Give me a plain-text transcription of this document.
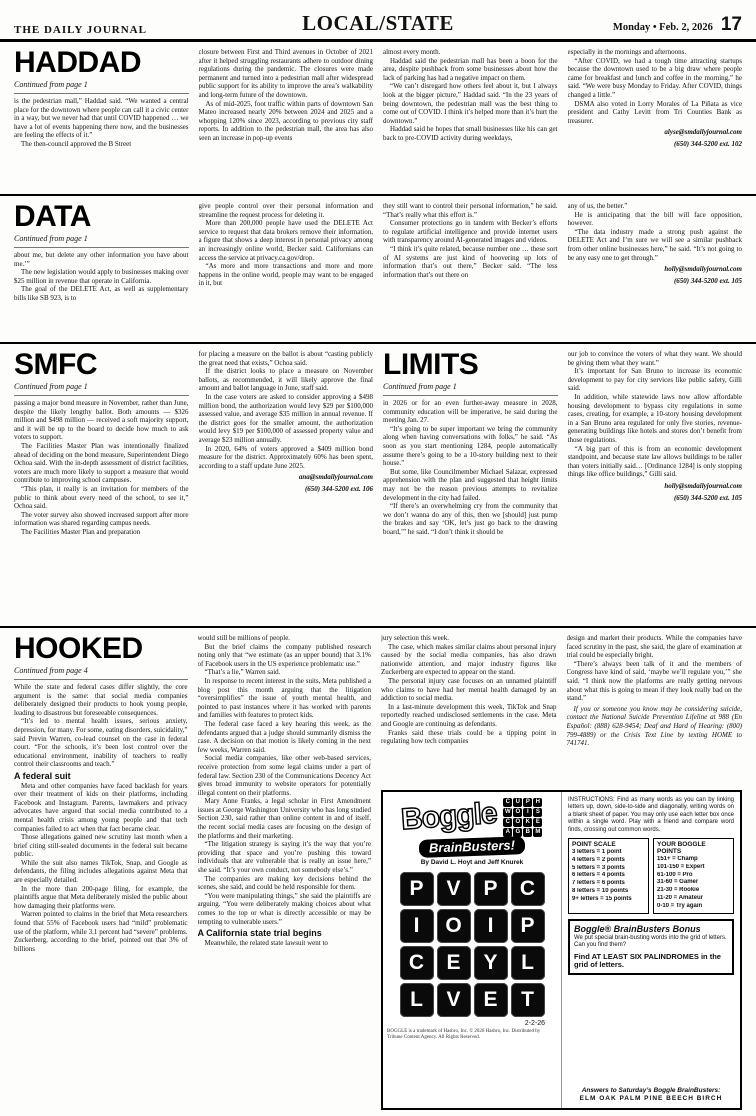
THE DAILY JOURNAL	LOCAL/STATE	Monday • Feb. 2, 2026 17
HADDAD
Continued from page 1

is the pedestrian mall,” Haddad said. “We wanted a central place for the downtown where people can call it a civic center in a way, but we never had that until COVID happened … we have a lot of events happening there now, and the businesses are feeling the effects of it.”

The then-council approved the B Street

closure between First and Third avenues in October of 2021 after it helped struggling restaurants adhere to outdoor dining regulations during the pandemic. The closures were made permanent and turned into a pedestrian mall after widespread public support for its ability to improve the area’s walkability and long-term future of the downtown.

As of mid-2025, foot traffic within parts of downtown San Mateo increased nearly 20% between 2024 and 2025 and a whopping 120% since 2023, according to previous city staff reports. In addition to the pedestrian mall, the area has also seen an increase in pop-up events

almost every month.

Haddad said the pedestrian mall has been a boon for the area, despite pushback from some businesses about how the lack of parking has had a negative impact on them.

“We can’t disregard how others feel about it, but I always look at the bigger picture,” Haddad said. “In the 23 years of being downtown, the pedestrian mall was the best thing to come out of COVID. I think it’s helped more than it’s hurt the downtown.”

Haddad said he hopes that small businesses like his can get back to pre-COVID activity during weekdays,

especially in the mornings and afternoons.

“After COVID, we had a tough time attracting startups because the downtown used to be a big draw where people came for breakfast and lunch and coffee in the morning,” he said. “We were busy Monday to Friday. After COVID, things changed a little.”

DSMA also voted in Lorry Morales of La Piñata as vice president and Cathy Levitt from Tri Counties Bank as treasurer.

alyse@smdailyjournal.com

(650) 344-5200 ext. 102

DATA
Continued from page 1

about me, but delete any other information you have about me.’”

The new legislation would apply to businesses making over $25 million in revenue that operate in California.

The goal of the DELETE Act, as well as supplementary bills like SB 923, is to

give people control over their personal information and streamline the request process for deleting it.

More than 200,000 people have used the DELETE Act service to request that data brokers remove their information, a figure that shows a deep interest in personal privacy among an increasingly online world, Becker said. Californians can access the service at privacy.ca.gov/drop.

“As more and more transactions and more and more happens in the online world, people may want to be engaged in it, but

they still want to control their personal information,” he said. “That’s really what this effort is.”

Consumer protections go in tandem with Becker’s efforts to regulate artificial intelligence and provide internet users with transparency around AI-generated images and videos.

“I think it’s quite related, because number one … these sort of AI systems are just kind of hoovering up lots of information that’s out there,” Becker said. “The less information that’s out there on

any of us, the better.”

He is anticipating that the bill will face opposition, however.

“The data industry made a strong push against the DELETE Act and I’m sure we will see a similar pushback from other online businesses here,” he said. “It’s not going to be any easy one to get through.”

holly@smdailyjournal.com

(650) 344-5200 ext. 105

SMFC
Continued from page 1

passing a major bond measure in November, rather than June, despite the likely lengthy ballot. Both amounts — $326 million and $498 million — received a soft majority support, and it will be up to the board to decide how much to ask voters to support.

The Facilities Master Plan was intentionally finalized ahead of deciding on the bond measure, Superintendent Diego Ochoa said. With the in-depth assessment of district facilities, voters are much more likely to support a measure that would contribute to improving school campuses.

“This plan, it really is an invitation for members of the public to think about every need of the school, to see it,” Ochoa said.

The voter survey also showed increased support after more information was shared regarding campus needs.

The Facilities Master Plan and preparation

for placing a measure on the ballot is about “casting publicly the great need that exists,” Ochoa said.

If the district looks to place a measure on November ballots, as recommended, it will likely approve the final amount and ballot language in June, staff said.

In the case voters are asked to consider approving a $498 million bond, the authorization would levy $29 per $100,000 assessed value, and average $35 million in annual revenue. If the district goes for the smaller amount, the authorization would levy $19 per $100,000 of assessed property value and average $23 million annually.

In 2020, 64% of voters approved a $409 million bond measure for the district. Approximately 60% has been spent, according to a staff update June 2025.

ana@smdailyjournal.com

(650) 344-5200 ext. 106

LIMITS
Continued from page 1

in 2026 or for an even further-away measure in 2028, community education will be imperative, he said during the meeting Jan. 27.

“It’s going to be super important we bring the community along when having conversations with folks,” he said. “As soon as you start mentioning 1284, people automatically assume there’s going to be a 10-story building next to their house.”

But some, like Councilmember Michael Salazar, expressed apprehension with the plan and suggested that height limits may not be the reason previous attempts to revitalize development in the city had failed.

“If there’s an overwhelming cry from the community that we don’t wanna do any of this, then we [should] just pump the brakes and say ‘OK, let’s just go back to the drawing board,’” he said. “I don’t think it should be

our job to convince the voters of what they want. We should be giving them what they want.”

It’s important for San Bruno to increase its economic development to pay for city services like public safety, Gilli said.

In addition, while statewide laws now allow affordable housing development to bypass city regulations in some cases, creating, for example, a 10-story housing development in a San Bruno area regulated for only five stories, revenue-generating buildings like hotels and stores don’t benefit from those regulations.

“A big part of this is from an economic development standpoint, and because state law allows buildings to be taller than voters initially said… [Ordinance 1284] is only stopping things like office buildings,” Gilli said.

holly@smdailyjournal.com

(650) 344-5200 ext. 105

HOOKED
Continued from page 4

While the state and federal cases differ slightly, the core argument is the same: that social media companies deliberately designed their products to hook young people, leading to disastrous but foreseeable consequences.

“It’s led to mental health issues, serious anxiety, depression, for many. For some, eating disorders, suicidality,” said Previn Warren, co-lead counsel on the case in federal court. “For the schools, it’s been lost control over the educational environment, inability of teachers to really control their classrooms and teach.”

A federal suit

Meta and other companies have faced backlash for years over their treatment of kids on their platforms, including Facebook and Instagram. Parents, lawmakers and privacy advocates have argued that social media contributed to a mental health crisis among young people and that tech companies failed to act when that fact became clear.

Those allegations gained new scrutiny last month when a brief citing still-sealed documents in the federal suit became public.

While the suit also names TikTok, Snap, and Google as defendants, the filing includes allegations against Meta that are especially detailed.

In the more than 200-page filing, for example, the plaintiffs argue that Meta deliberately misled the public about how damaging their platforms were.

Warren pointed to claims in the brief that Meta researchers found that 55% of Facebook users had “mild” problematic use of the platform, while 3.1 percent had “severe” problems. Zuckerberg, according to the brief, pointed out that 3% of billions

would still be millions of people.

But the brief claims the company published research noting only that “we estimate (as an upper bound) that 3.1% of Facebook users in the US experience problematic use.”

“That’s a lie,” Warren said.

In response to recent interest in the suits, Meta published a blog post this month arguing that the litigation “oversimplifies” the issue of youth mental health, and pointed to past instances where it has worked with parents and families with features to protect kids.

The federal case faced a key hearing this week, as the defendants argued that a judge should summarily dismiss the case. A decision on that motion is likely coming in the next few weeks, Warren said.

Social media companies, like other web-based services, receive protection from some legal claims under a part of federal law. Section 230 of the Communications Decency Act gives broad immunity to website operators for potentially illegal content on their platforms.

Mary Anne Franks, a legal scholar in First Amendment issues at George Washington University who has long studied Section 230, said rather than online content in and of itself, the recent social media cases are focusing on the design of the platforms and their marketing.

“The litigation strategy is saying it’s the way that you’re providing that space and you’re pushing this toward individuals that are vulnerable that is really an issue here,” she said. “It’s your own conduct, not somebody else’s.”

The companies are making key decisions behind the scenes, she said, and could be held responsible for them.

“You were manipulating things,” she said the plaintiffs are arguing. “You were deliberately making choices about what comes to the top or what is directly accessible or may be tempting to vulnerable users.”

A California state trial begins

Meanwhile, the related state lawsuit went to

jury selection this week.

The case, which makes similar claims about personal injury caused by the social media companies, has also drawn nationwide attention, and major industry figures like Zuckerberg are expected to appear on the stand.

The personal injury case focuses on an unnamed plaintiff who claims to have had her mental health damaged by an addiction to social media.

In a last-minute development this week, TikTok and Snap reportedly reached undisclosed settlements in the case. Meta and Google are continuing as defendants.

Franks said these trials could be a tipping point in regulating how tech companies

design and market their products. While the companies have faced scrutiny in the past, she said, the glare of examination at trial could be especially bright.

“There’s always been talk of it and the members of Congress have kind of said, ‘maybe we’ll regulate you,’” she said. “I think now the platforms are really getting nervous about what this is going to mean if they look really bad on the stand.”

If you or someone you know may be considering suicide, contact the National Suicide Prevention Lifeline at 988 (En Español: (888) 628-9454; Deaf and Hard of Hearing: (800) 799-4889) or the Crisis Text Line by texting HOME to 741741.

Boggle	C U P H
W O	I	S
C O K E
A G B M
BrainBusters!
By David L. Hoyt and Jeff Knurek
P	V	P	C
I	O	I	P
C	E	Y	L
L	V	E	T
2-2-26
BOGGLE is a trademark of Hasbro, Inc. © 2026 Hasbro, Inc. Distributed by Tribune Content Agency. All Rights Reserved.
INSTRUCTIONS: Find as many words as you can by linking letters up, down, side-to-side and diagonally, writing words on a blank sheet of paper. You may only use each letter box once within a single word. Play with a friend and compare word finds, crossing out common words.
POINT SCALE
3 letters = 1 point
4 letters = 2 points
5 letters = 3 points
6 letters = 4 points
7 letters = 6 points
8 letters = 10 points
9+ letters = 15 points
YOUR BOGGLE POINTS
151+ = Champ
101-150 = Expert
61-100 = Pro
31-60 = Gamer
21-30 = Rookie
11-20 = Amateur
0-10 = Try again
Boggle® BrainBusters Bonus
We put special brain-busting words into the grid of letters. Can you find them?
Find AT LEAST SIX PALINDROMES in the grid of letters.
Answers to Saturday’s Boggle BrainBusters:
ELM OAK PALM PINE BEECH BIRCH
